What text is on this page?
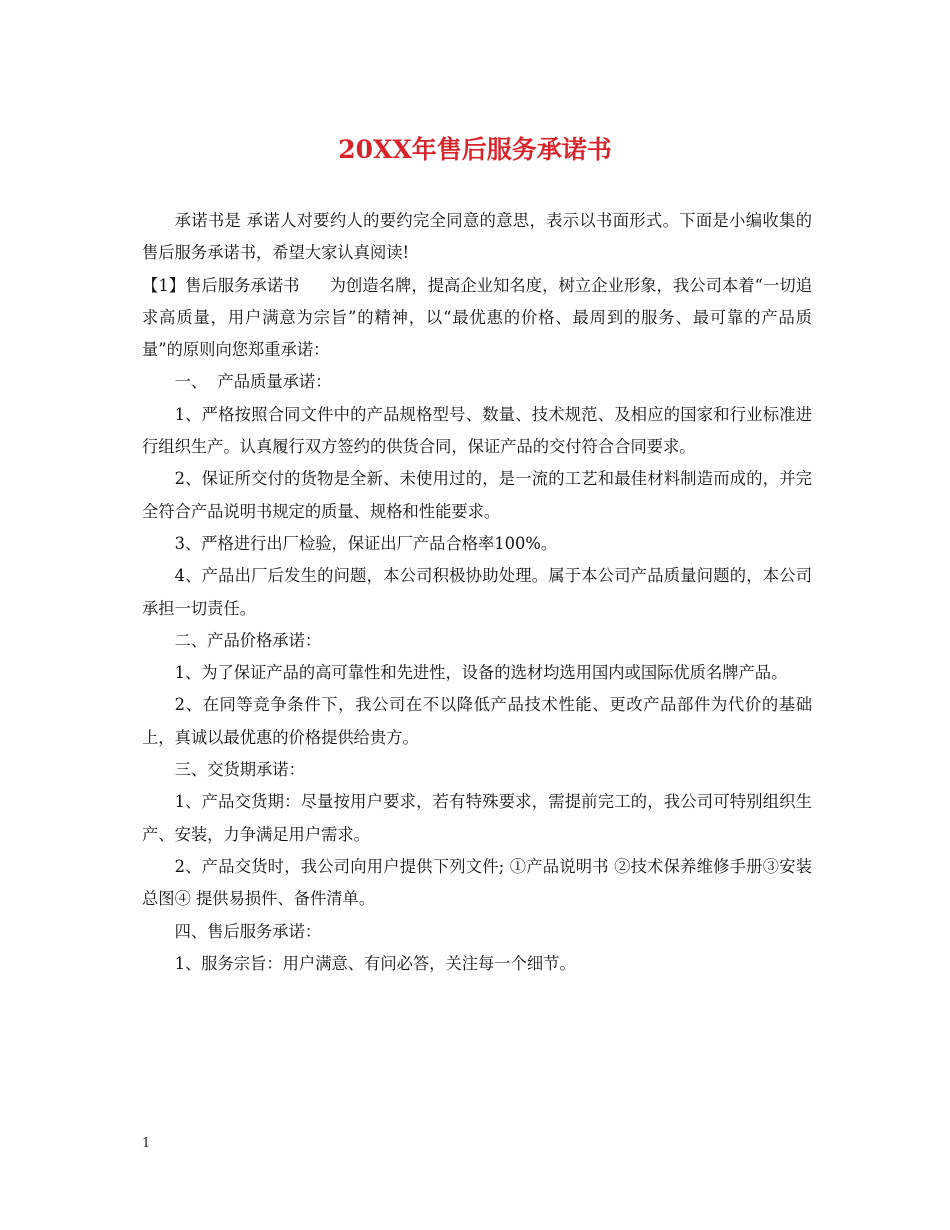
20XX年售后服务承诺书

承诺书是 承诺人对要约人的要约完全同意的意思，表示以书面形式。下面是小编收集的售后服务承诺书，希望大家认真阅读!

【1】售后服务承诺书 为创造名牌，提高企业知名度，树立企业形象，我公司本着“一切追求高质量，用户满意为宗旨”的精神，以“最优惠的价格、最周到的服务、最可靠的产品质量”的原则向您郑重承诺：

一、  产品质量承诺：

1、严格按照合同文件中的产品规格型号、数量、技术规范、及相应的国家和行业标准进行组织生产。认真履行双方签约的供货合同，保证产品的交付符合合同要求。

2、保证所交付的货物是全新、未使用过的，是一流的工艺和最佳材料制造而成的，并完全符合产品说明书规定的质量、规格和性能要求。

3、严格进行出厂检验，保证出厂产品合格率100%。

4、产品出厂后发生的问题，本公司积极协助处理。属于本公司产品质量问题的，本公司承担一切责任。

二、产品价格承诺：

1、为了保证产品的高可靠性和先进性，设备的选材均选用国内或国际优质名牌产品。

2、在同等竞争条件下，我公司在不以降低产品技术性能、更改产品部件为代价的基础上，真诚以最优惠的价格提供给贵方。

三、交货期承诺：

1、产品交货期：尽量按用户要求，若有特殊要求，需提前完工的，我公司可特别组织生产、安装，力争满足用户需求。

2、产品交货时，我公司向用户提供下列文件; ①产品说明书 ②技术保养维修手册③安装总图④ 提供易损件、备件清单。

四、售后服务承诺：

1、服务宗旨：用户满意、有问必答，关注每一个细节。

1
